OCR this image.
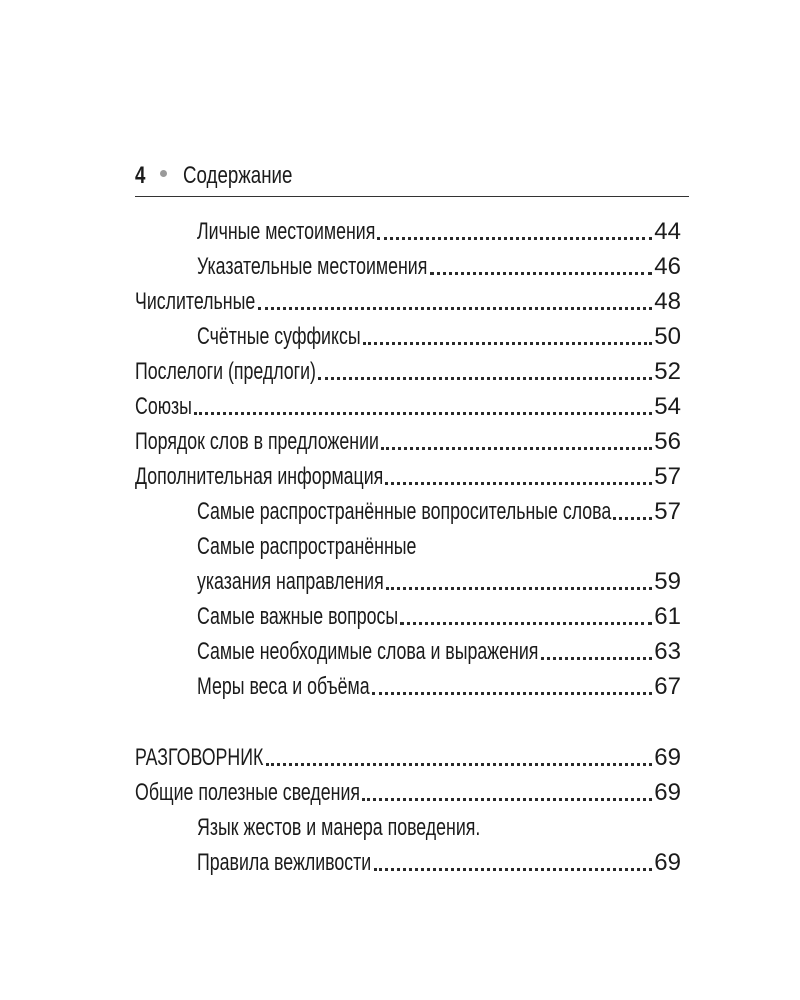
4 Содержание
Личные местоимения	44
Указательные местоимения	46
Числительные	48
Счётные суффиксы	50
Послелоги (предлоги)	52
Союзы	54
Порядок слов в предложении	56
Дополнительная информация	57
Самые распространённые вопросительные слова 57
Самые распространённые
указания направления	59
Самые важные вопросы	61
Самые необходимые слова и выражения	63
Меры веса и объёма	67
РАЗГОВОРНИК	69
Общие полезные сведения	69
Язык жестов и манера поведения.
Правила вежливости	69
